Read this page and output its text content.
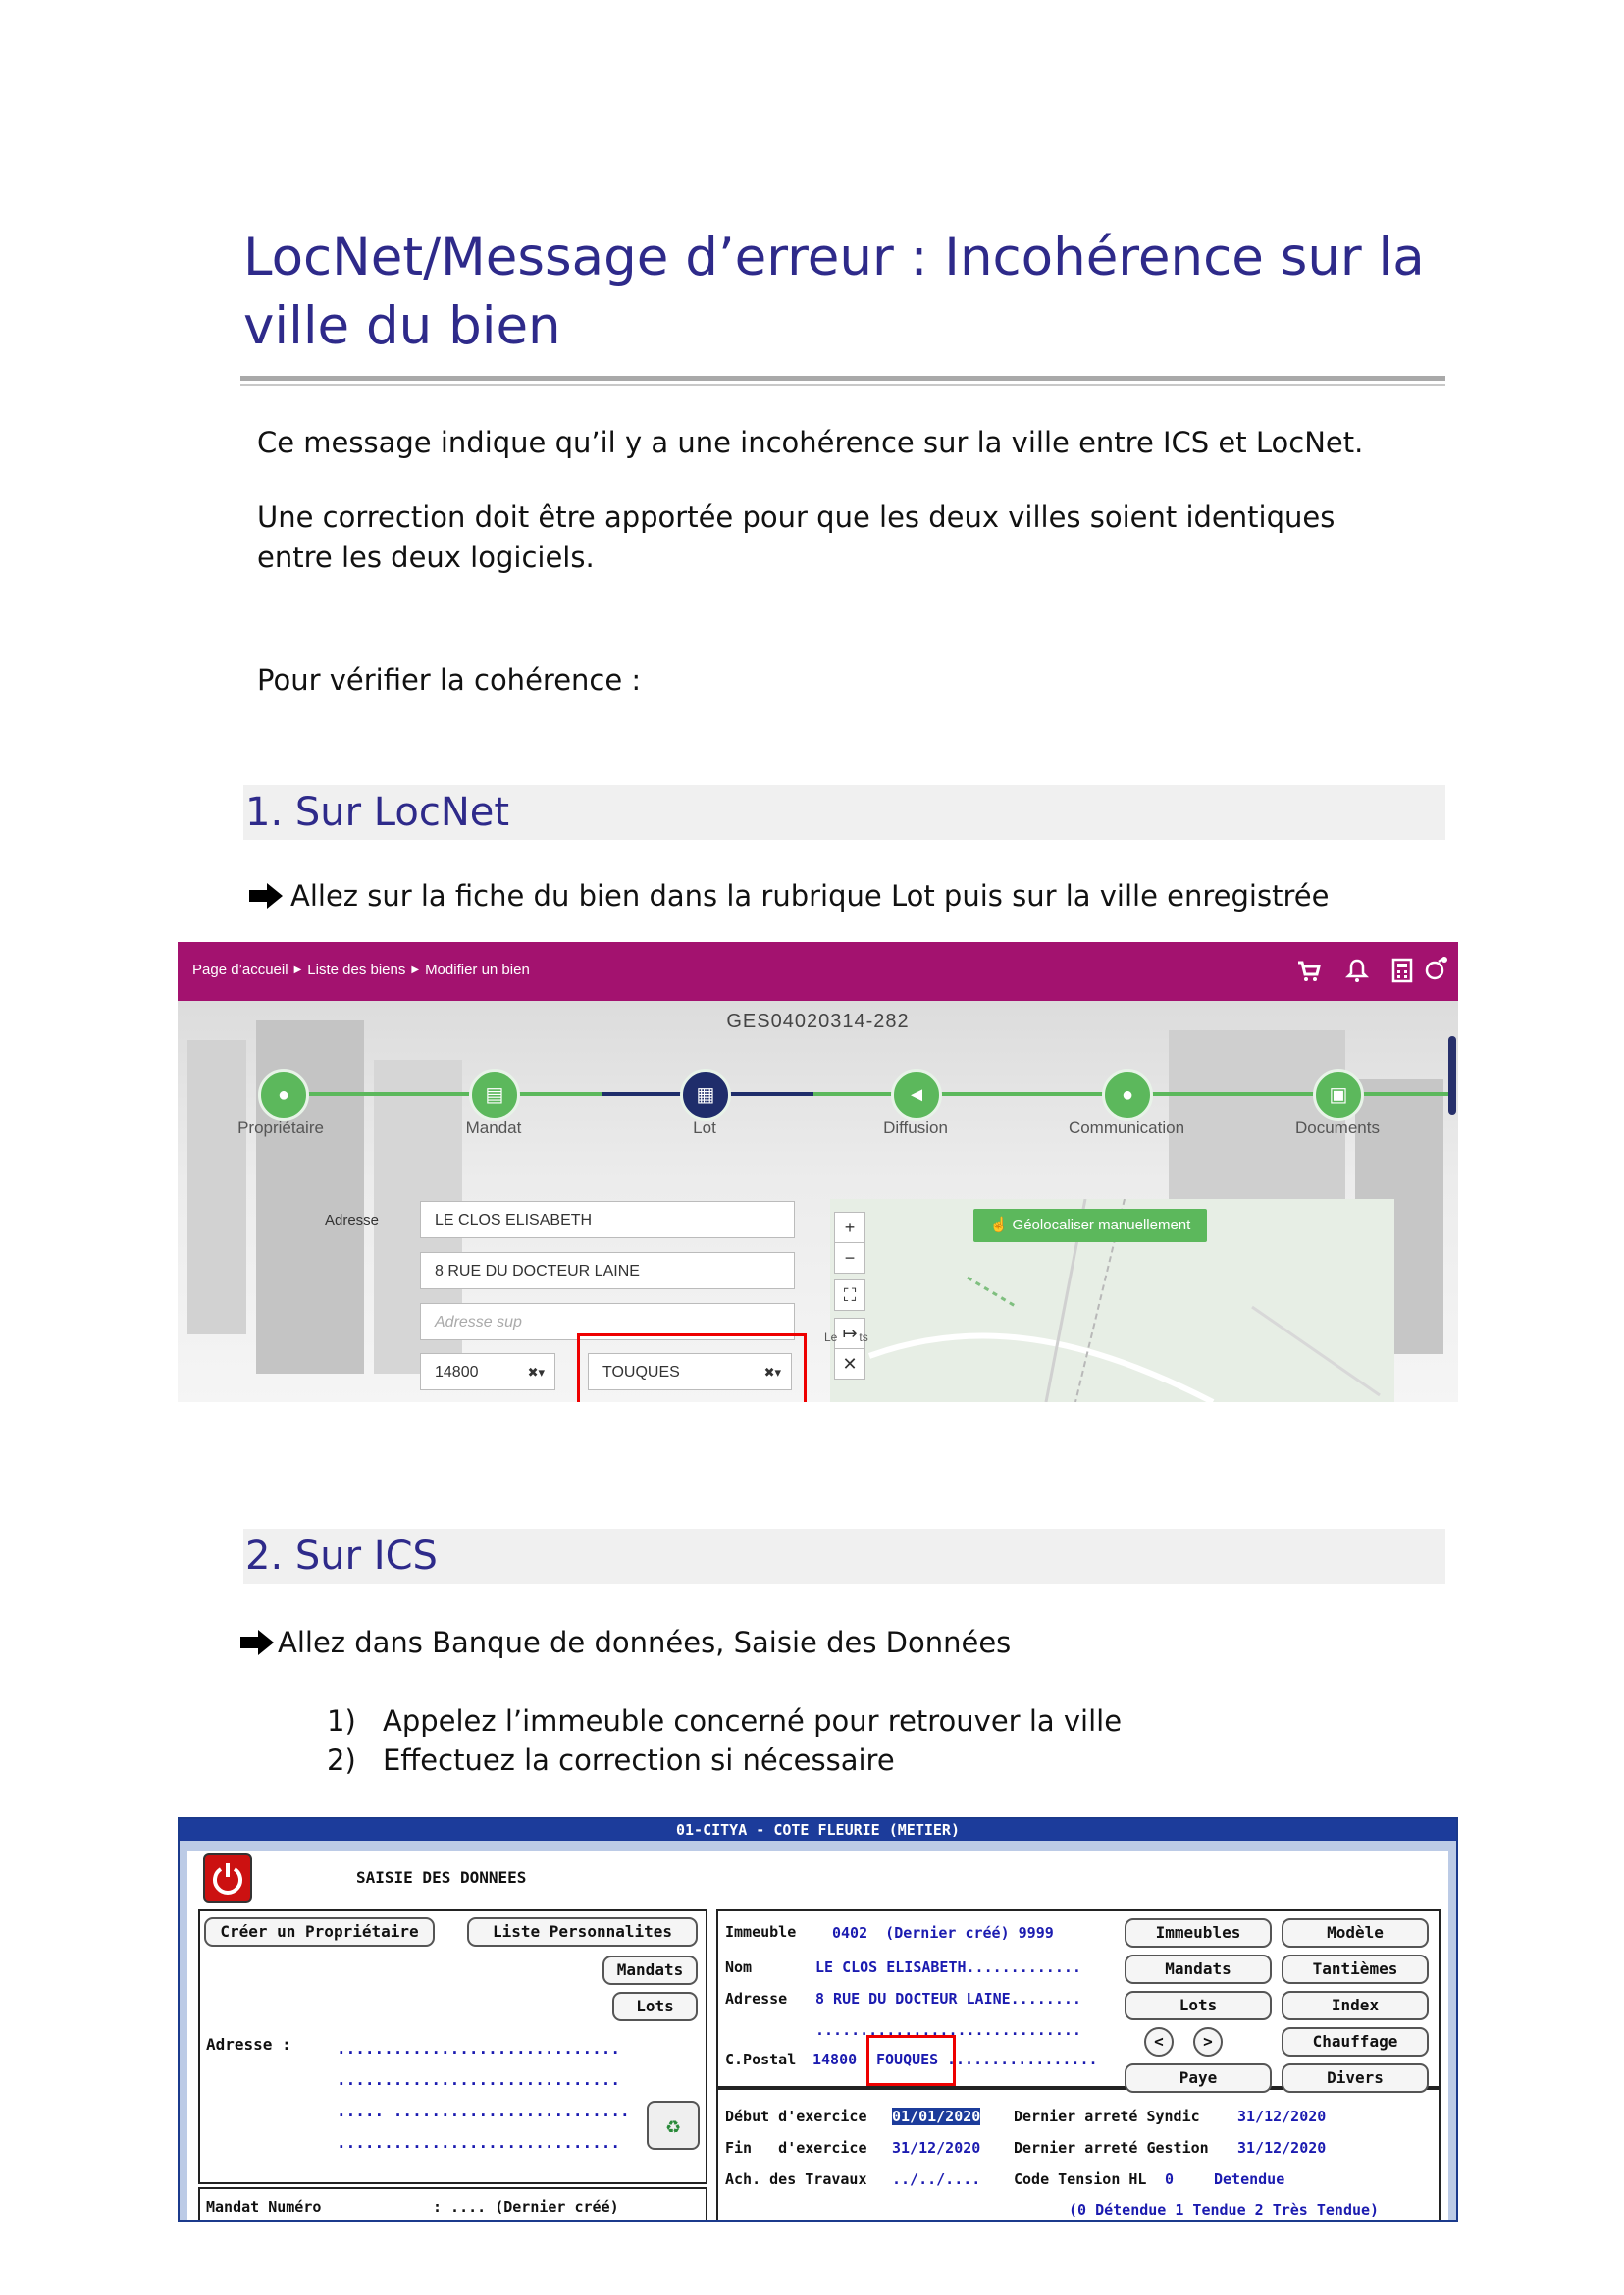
LocNet/Message d’erreur : Incohérence sur la ville du bien
Ce message indique qu’il y a une incohérence sur la ville entre ICS et LocNet.
Une correction doit être apportée pour que les deux villes soient identiques entre les deux logiciels.
Pour vérifier la cohérence :
1. Sur LocNet
Allez sur la fiche du bien dans la rubrique Lot puis sur la ville enregistrée
Page d’accueil ▶ Liste des biens ▶ Modifier un bien
GES04020314-282
●
Propriétaire
▤
Mandat
▦
Lot
◄
Diffusion
●
Communication
▣
Documents
Adresse	LE CLOS ELISABETH
8 RUE DU DOCTEUR LAINE
Adresse sup
14800	✖▾	TOUQUES	✖▾
+
−
⛶
↦
✕
Le ts
☝ Géolocaliser manuellement
2. Sur ICS
Allez dans Banque de données, Saisie des Données
1) Appelez l’immeuble concerné pour retrouver la ville
2) Effectuez la correction si nécessaire
01-CITYA - COTE FLEURIE (METIER)
SAISIE DES DONNEES
Créer un Propriétaire	Liste Personnalites
Mandats
Lots
Adresse :	..............................
..............................
..... .........................
..............................
♻
Mandat Numéro	: .... (Dernier créé)
Immeuble 0402  (Dernier créé) 9999
Nom	LE CLOS ELISABETH.............
Adresse 8 RUE DU DOCTEUR LAINE........
..............................
C.Postal 14800 FOUQUES .................
Immeubles	Modèle
Mandats	Tantièmes
Lots	Index
<	>	Chauffage
Paye	Divers
Début d'exercice 01/01/2020 Dernier arreté Syndic	31/12/2020
Fin   d'exercice 31/12/2020 Dernier arreté Gestion 31/12/2020
Ach. des Travaux ../../.... Code Tension HL 0	Detendue
(0 Détendue 1 Tendue 2 Très Tendue)
